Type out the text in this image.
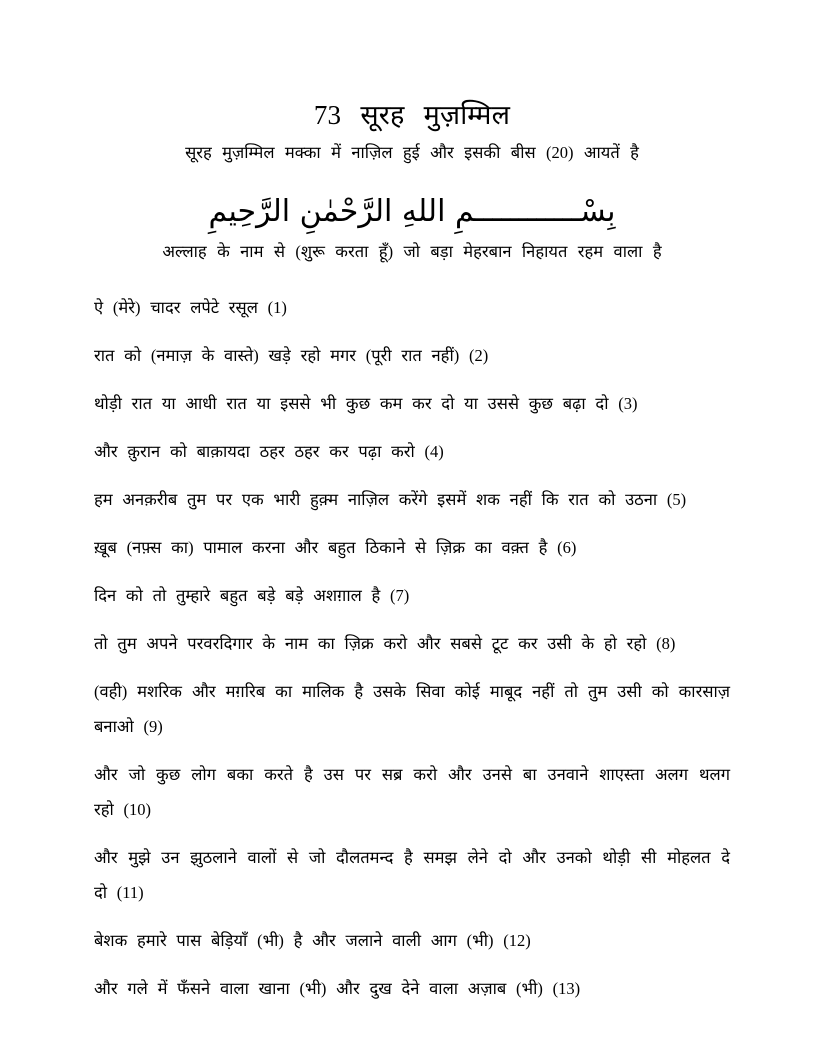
73 सूरह मुज़म्मिल

सूरह मुज़म्मिल मक्का में नाज़िल हुई और इसकी बीस (20) आयतें है

بِسْــــــــــــمِ اللهِ الرَّحْمٰنِ الرَّحِيمِ

अल्लाह के नाम से (शुरू करता हूँ) जो बड़ा मेहरबान निहायत रहम वाला है

ऐ (मेरे) चादर लपेटे रसूल (1)

रात को (नमाज़ के वास्ते) खड़े रहो मगर (पूरी रात नहीं) (2)

थोड़ी रात या आधी रात या इससे भी कुछ कम कर दो या उससे कुछ बढ़ा दो (3)

और क़ुरान को बाक़ायदा ठहर ठहर कर पढ़ा करो (4)

हम अनक़रीब तुम पर एक भारी हुक़्म नाज़िल करेंगे इसमें शक नहीं कि रात को उठना (5)

ख़ूब (नफ़्स का) पामाल करना और बहुत ठिकाने से ज़िक्र का वक़्त है (6)

दिन को तो तुम्हारे बहुत बड़े बड़े अशग़ाल है (7)

तो तुम अपने परवरदिगार के नाम का ज़िक्र करो और सबसे टूट कर उसी के हो रहो (8)

(वही) मशरिक और मग़रिब का मालिक है उसके सिवा कोई माबूद नहीं तो तुम उसी को कारसाज़ बनाओ (9)

और जो कुछ लोग बका करते है उस पर सब्र करो और उनसे बा उनवाने शाएस्ता अलग थलग रहो (10)

और मुझे उन झुठलाने वालों से जो दौलतमन्द है समझ लेने दो और उनको थोड़ी सी मोहलत दे दो (11)

बेशक हमारे पास बेड़ियाँ (भी) है और जलाने वाली आग (भी) (12)

और गले में फँसने वाला खाना (भी) और दुख देने वाला अज़ाब (भी) (13)
